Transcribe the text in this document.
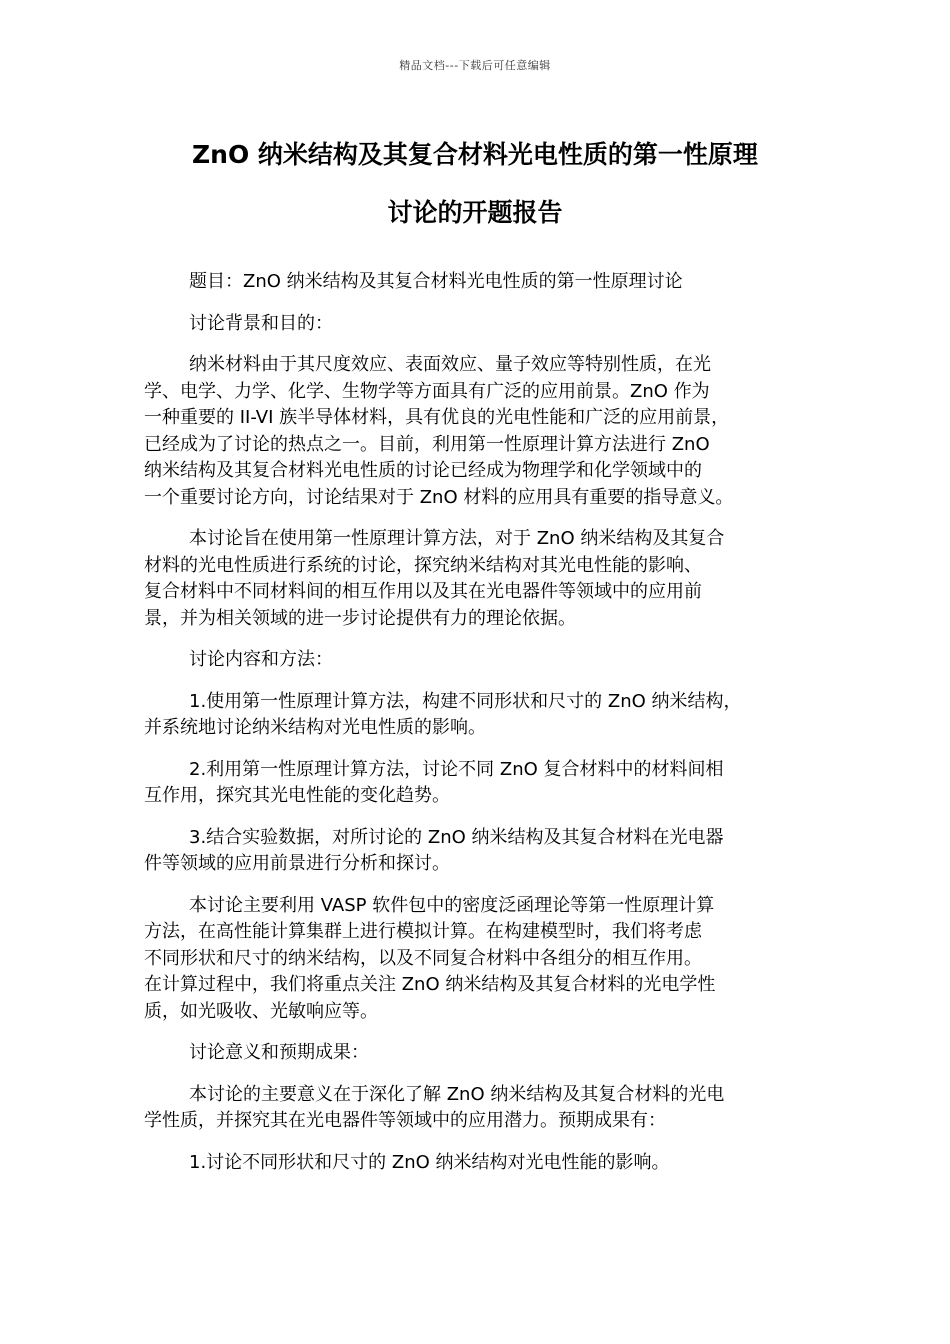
精品文档---下载后可任意编辑
ZnO 纳米结构及其复合材料光电性质的第一性原理
讨论的开题报告
题目：ZnO 纳米结构及其复合材料光电性质的第一性原理讨论
讨论背景和目的：
纳米材料由于其尺度效应、表面效应、量子效应等特别性质，在光
学、电学、力学、化学、生物学等方面具有广泛的应用前景。ZnO 作为
一种重要的 II-VI 族半导体材料，具有优良的光电性能和广泛的应用前景，
已经成为了讨论的热点之一。目前，利用第一性原理计算方法进行 ZnO
纳米结构及其复合材料光电性质的讨论已经成为物理学和化学领域中的
一个重要讨论方向，讨论结果对于 ZnO 材料的应用具有重要的指导意义。
本讨论旨在使用第一性原理计算方法，对于 ZnO 纳米结构及其复合
材料的光电性质进行系统的讨论，探究纳米结构对其光电性能的影响、
复合材料中不同材料间的相互作用以及其在光电器件等领域中的应用前
景，并为相关领域的进一步讨论提供有力的理论依据。
讨论内容和方法：
1.使用第一性原理计算方法，构建不同形状和尺寸的 ZnO 纳米结构，
并系统地讨论纳米结构对光电性质的影响。
2.利用第一性原理计算方法，讨论不同 ZnO 复合材料中的材料间相
互作用，探究其光电性能的变化趋势。
3.结合实验数据，对所讨论的 ZnO 纳米结构及其复合材料在光电器
件等领域的应用前景进行分析和探讨。
本讨论主要利用 VASP 软件包中的密度泛函理论等第一性原理计算
方法，在高性能计算集群上进行模拟计算。在构建模型时，我们将考虑
不同形状和尺寸的纳米结构，以及不同复合材料中各组分的相互作用。
在计算过程中，我们将重点关注 ZnO 纳米结构及其复合材料的光电学性
质，如光吸收、光敏响应等。
讨论意义和预期成果：
本讨论的主要意义在于深化了解 ZnO 纳米结构及其复合材料的光电
学性质，并探究其在光电器件等领域中的应用潜力。预期成果有：
1.讨论不同形状和尺寸的 ZnO 纳米结构对光电性能的影响。
